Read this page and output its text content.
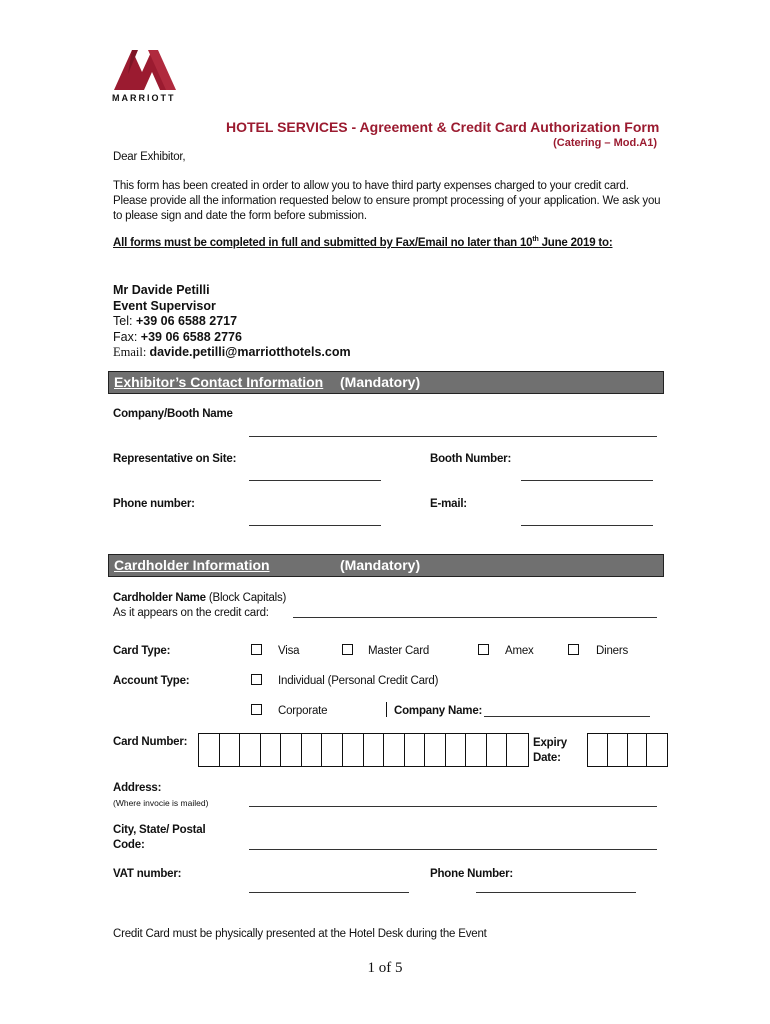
MARRIOTT
HOTEL SERVICES - Agreement & Credit Card Authorization Form
(Catering – Mod.A1)
Dear Exhibitor,
This form has been created in order to allow you to have third party expenses charged to your credit card. Please provide all the information requested below to ensure prompt processing of your application. We ask you to please sign and date the form before submission.
All forms must be completed in full and submitted by Fax/Email no later than 10th June 2019 to:
Mr Davide Petilli
Event Supervisor
Tel: +39 06 6588 2717
Fax: +39 06 6588 2776
Email: davide.petilli@marriotthotels.com
Exhibitor’s Contact Information (Mandatory)
Company/Booth Name
Representative on Site:	Booth Number:
Phone number:	E-mail:
Cardholder Information	(Mandatory)
Cardholder Name (Block Capitals)
As it appears on the credit card:
Card Type:	Visa	Master Card	Amex	Diners
Account Type:	Individual (Personal Credit Card)
Corporate	Company Name:
Card Number:	Expiry
Date:
Address:
(Where invocie is mailed)
City, State/ Postal
Code:
VAT number:	Phone Number:
Credit Card must be physically presented at the Hotel Desk during the Event
1 of 5
